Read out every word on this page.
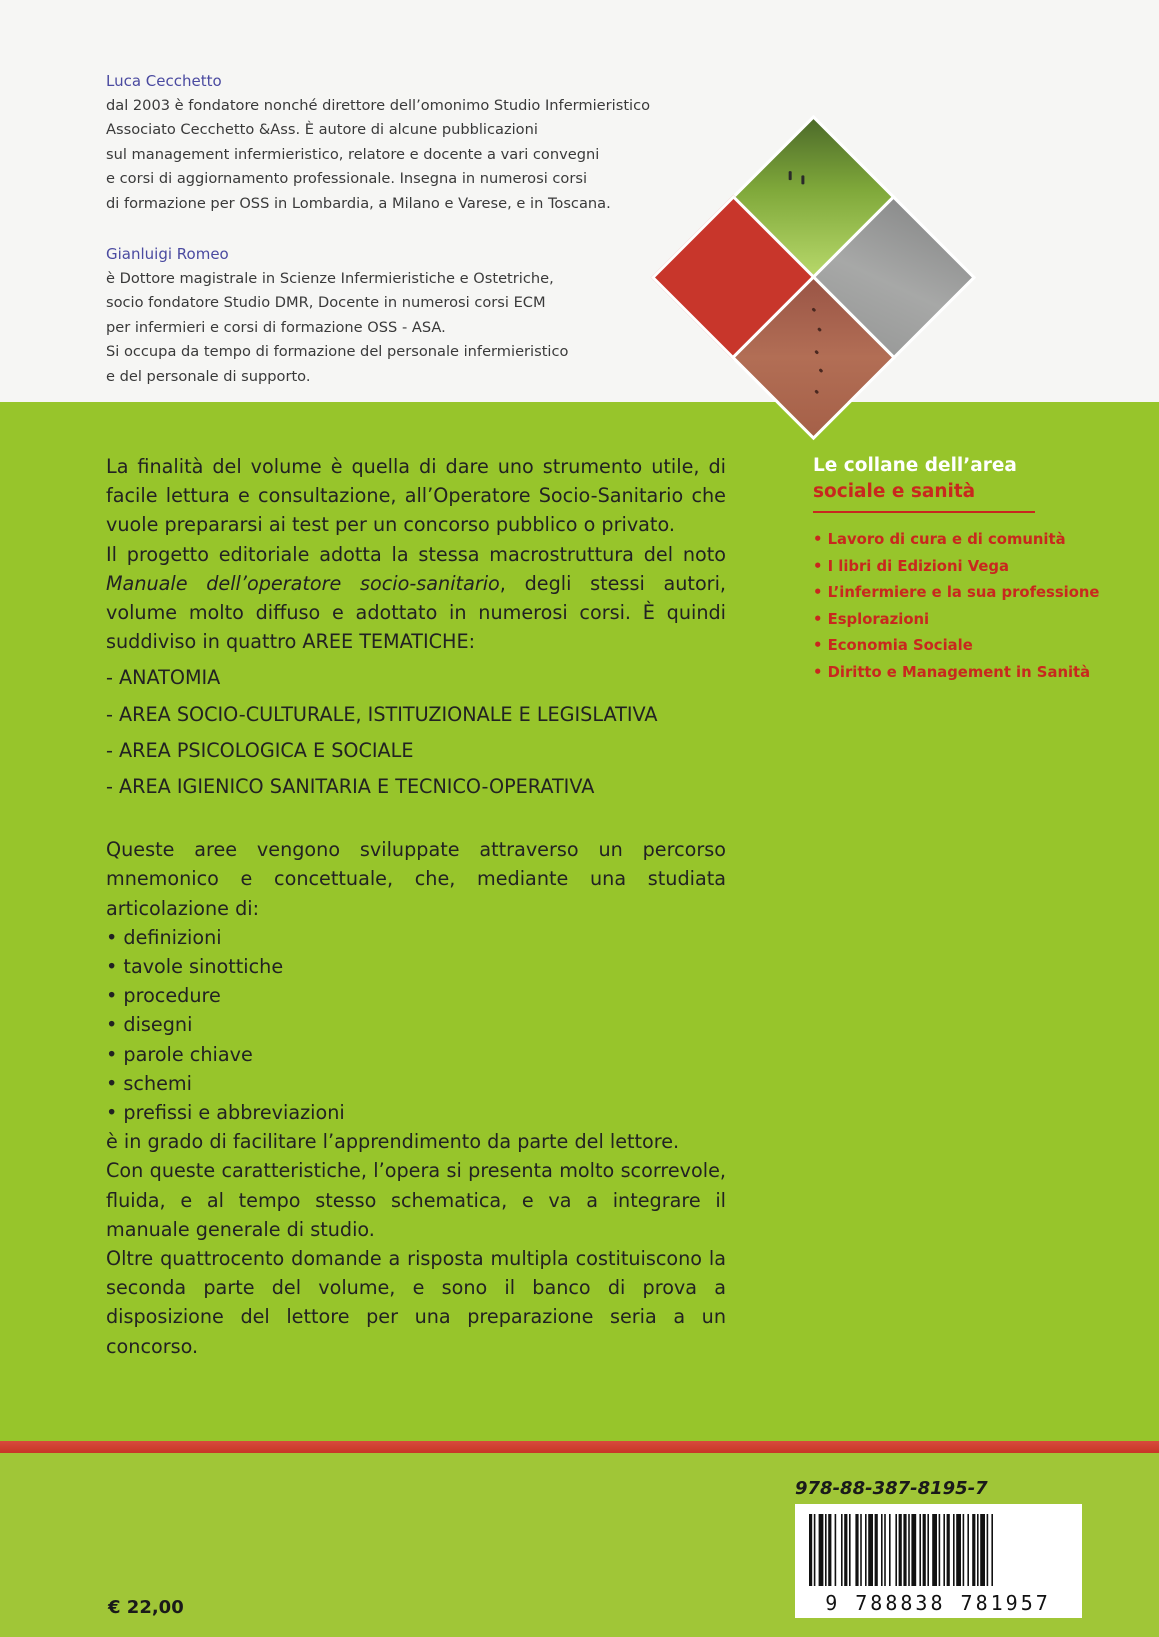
Luca Cecchetto

dal 2003 è fondatore nonché direttore dell’omonimo Studio Infermieristico

Associato Cecchetto &Ass. È autore di alcune pubblicazioni

sul management infermieristico, relatore e docente a vari convegni

e corsi di aggiornamento professionale. Insegna in numerosi corsi

di formazione per OSS in Lombardia, a Milano e Varese, e in Toscana.

Gianluigi Romeo

è Dottore magistrale in Scienze Infermieristiche e Ostetriche,

socio fondatore Studio DMR, Docente in numerosi corsi ECM

per infermieri e corsi di formazione OSS - ASA.

Si occupa da tempo di formazione del personale infermieristico

e del personale di supporto.

La finalità del volume è quella di dare uno strumento utile, di facile lettura e consultazione, all’Operatore Socio-Sanitario che vuole prepararsi ai test per un concorso pubblico o privato.

Il progetto editoriale adotta la stessa macrostruttura del noto Manuale dell’operatore socio-sanitario, degli stessi autori, volume molto diffuso e adottato in numerosi corsi. È quindi suddiviso in quattro AREE TEMATICHE:

- ANATOMIA

- AREA SOCIO-CULTURALE, ISTITUZIONALE E LEGISLATIVA

- AREA PSICOLOGICA E SOCIALE

- AREA IGIENICO SANITARIA E TECNICO-OPERATIVA

Queste aree vengono sviluppate attraverso un percorso mnemonico e concettuale, che, mediante una studiata articolazione di:

• definizioni

• tavole sinottiche

• procedure

• disegni

• parole chiave

• schemi

• prefissi e abbreviazioni

è in grado di facilitare l’apprendimento da parte del lettore.

Con queste caratteristiche, l’opera si presenta molto scorrevole, fluida, e al tempo stesso schematica, e va a integrare il manuale generale di studio.

Oltre quattrocento domande a risposta multipla costituiscono la seconda parte del volume, e sono il banco di prova a disposizione del lettore per una preparazione seria a un concorso.

Le collane dell’area
sociale e sanità
• Lavoro di cura e di comunità
• I libri di Edizioni Vega
• L’infermiere e la sua professione
• Esplorazioni
• Economia Sociale
• Diritto e Management in Sanità
978-88-387-8195-7
9 788838 781957
€ 22,00
